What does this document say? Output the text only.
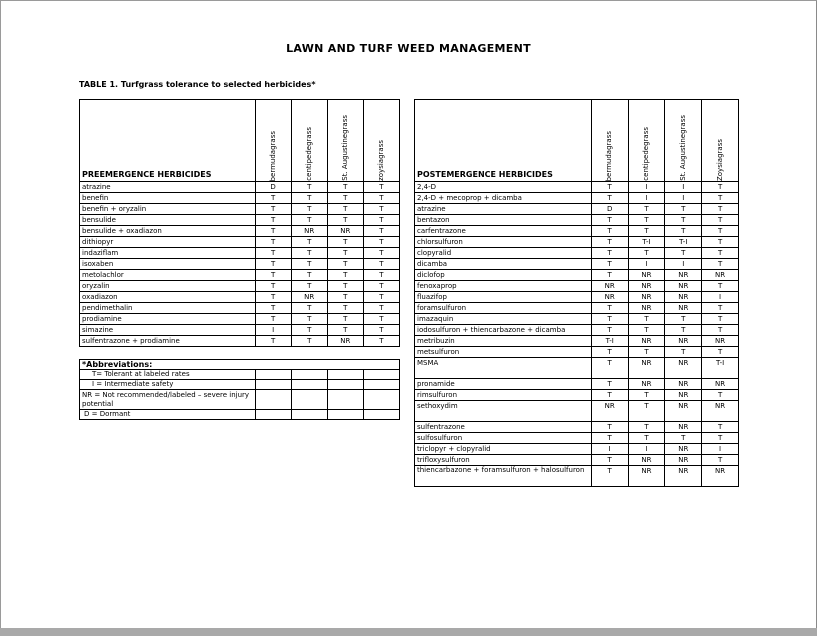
LAWN AND TURF WEED MANAGEMENT
TABLE 1. Turfgrass tolerance to selected herbicides*
PREEMERGENCE HERBICIDES	bermudagrass	centipedegrass	St. Augustinegrass	zoysiagrass

atrazine	D	T	T	T
benefin	T	T	T	T
benefin + oryzalin	T	T	T	T
bensulide	T	T	T	T
bensulide + oxadiazon	T	NR	NR	T
dithiopyr	T	T	T	T
indaziflam	T	T	T	T
isoxaben	T	T	T	T
metolachlor	T	T	T	T
oryzalin	T	T	T	T
oxadiazon	T	NR	T	T
pendimethalin	T	T	T	T
prodiamine	T	T	T	T
simazine	I	T	T	T
sulfentrazone + prodiamine	T	T	NR	T
*Abbreviations:				
T= Tolerant at labeled rates				
I = Intermediate safety				
NR = Not recommended/labeled – severe injury potential				
D = Dormant				
POSTEMERGENCE HERBICIDES	bermudagrass	centipedegrass	St. Augustinegrass	Zoysiagrass

2,4-D	T	I	I	T
2,4-D + mecoprop + dicamba	T	I	I	T
atrazine	D	T	T	T
bentazon	T	T	T	T
carfentrazone	T	T	T	T
chlorsulfuron	T	T-I	T-I	T
clopyralid	T	T	T	T
dicamba	T	I	I	T
diclofop	T	NR	NR	NR
fenoxaprop	NR	NR	NR	T
fluazifop	NR	NR	NR	I
foramsulfuron	T	NR	NR	T
imazaquin	T	T	T	T
iodosulfuron + thiencarbazone + dicamba	T	T	T	T
metribuzin	T-I	NR	NR	NR
metsulfuron	T	T	T	T
MSMA	T	NR	NR	T-I
pronamide	T	NR	NR	NR
rimsulfuron	T	T	NR	T
sethoxydim	NR	T	NR	NR
sulfentrazone	T	T	NR	T
sulfosulfuron	T	T	T	T
triclopyr + clopyralid	I	I	NR	I
trifloxysulfuron	T	NR	NR	T
thiencarbazone + foramsulfuron + halosulfuron	T	NR	NR	NR
